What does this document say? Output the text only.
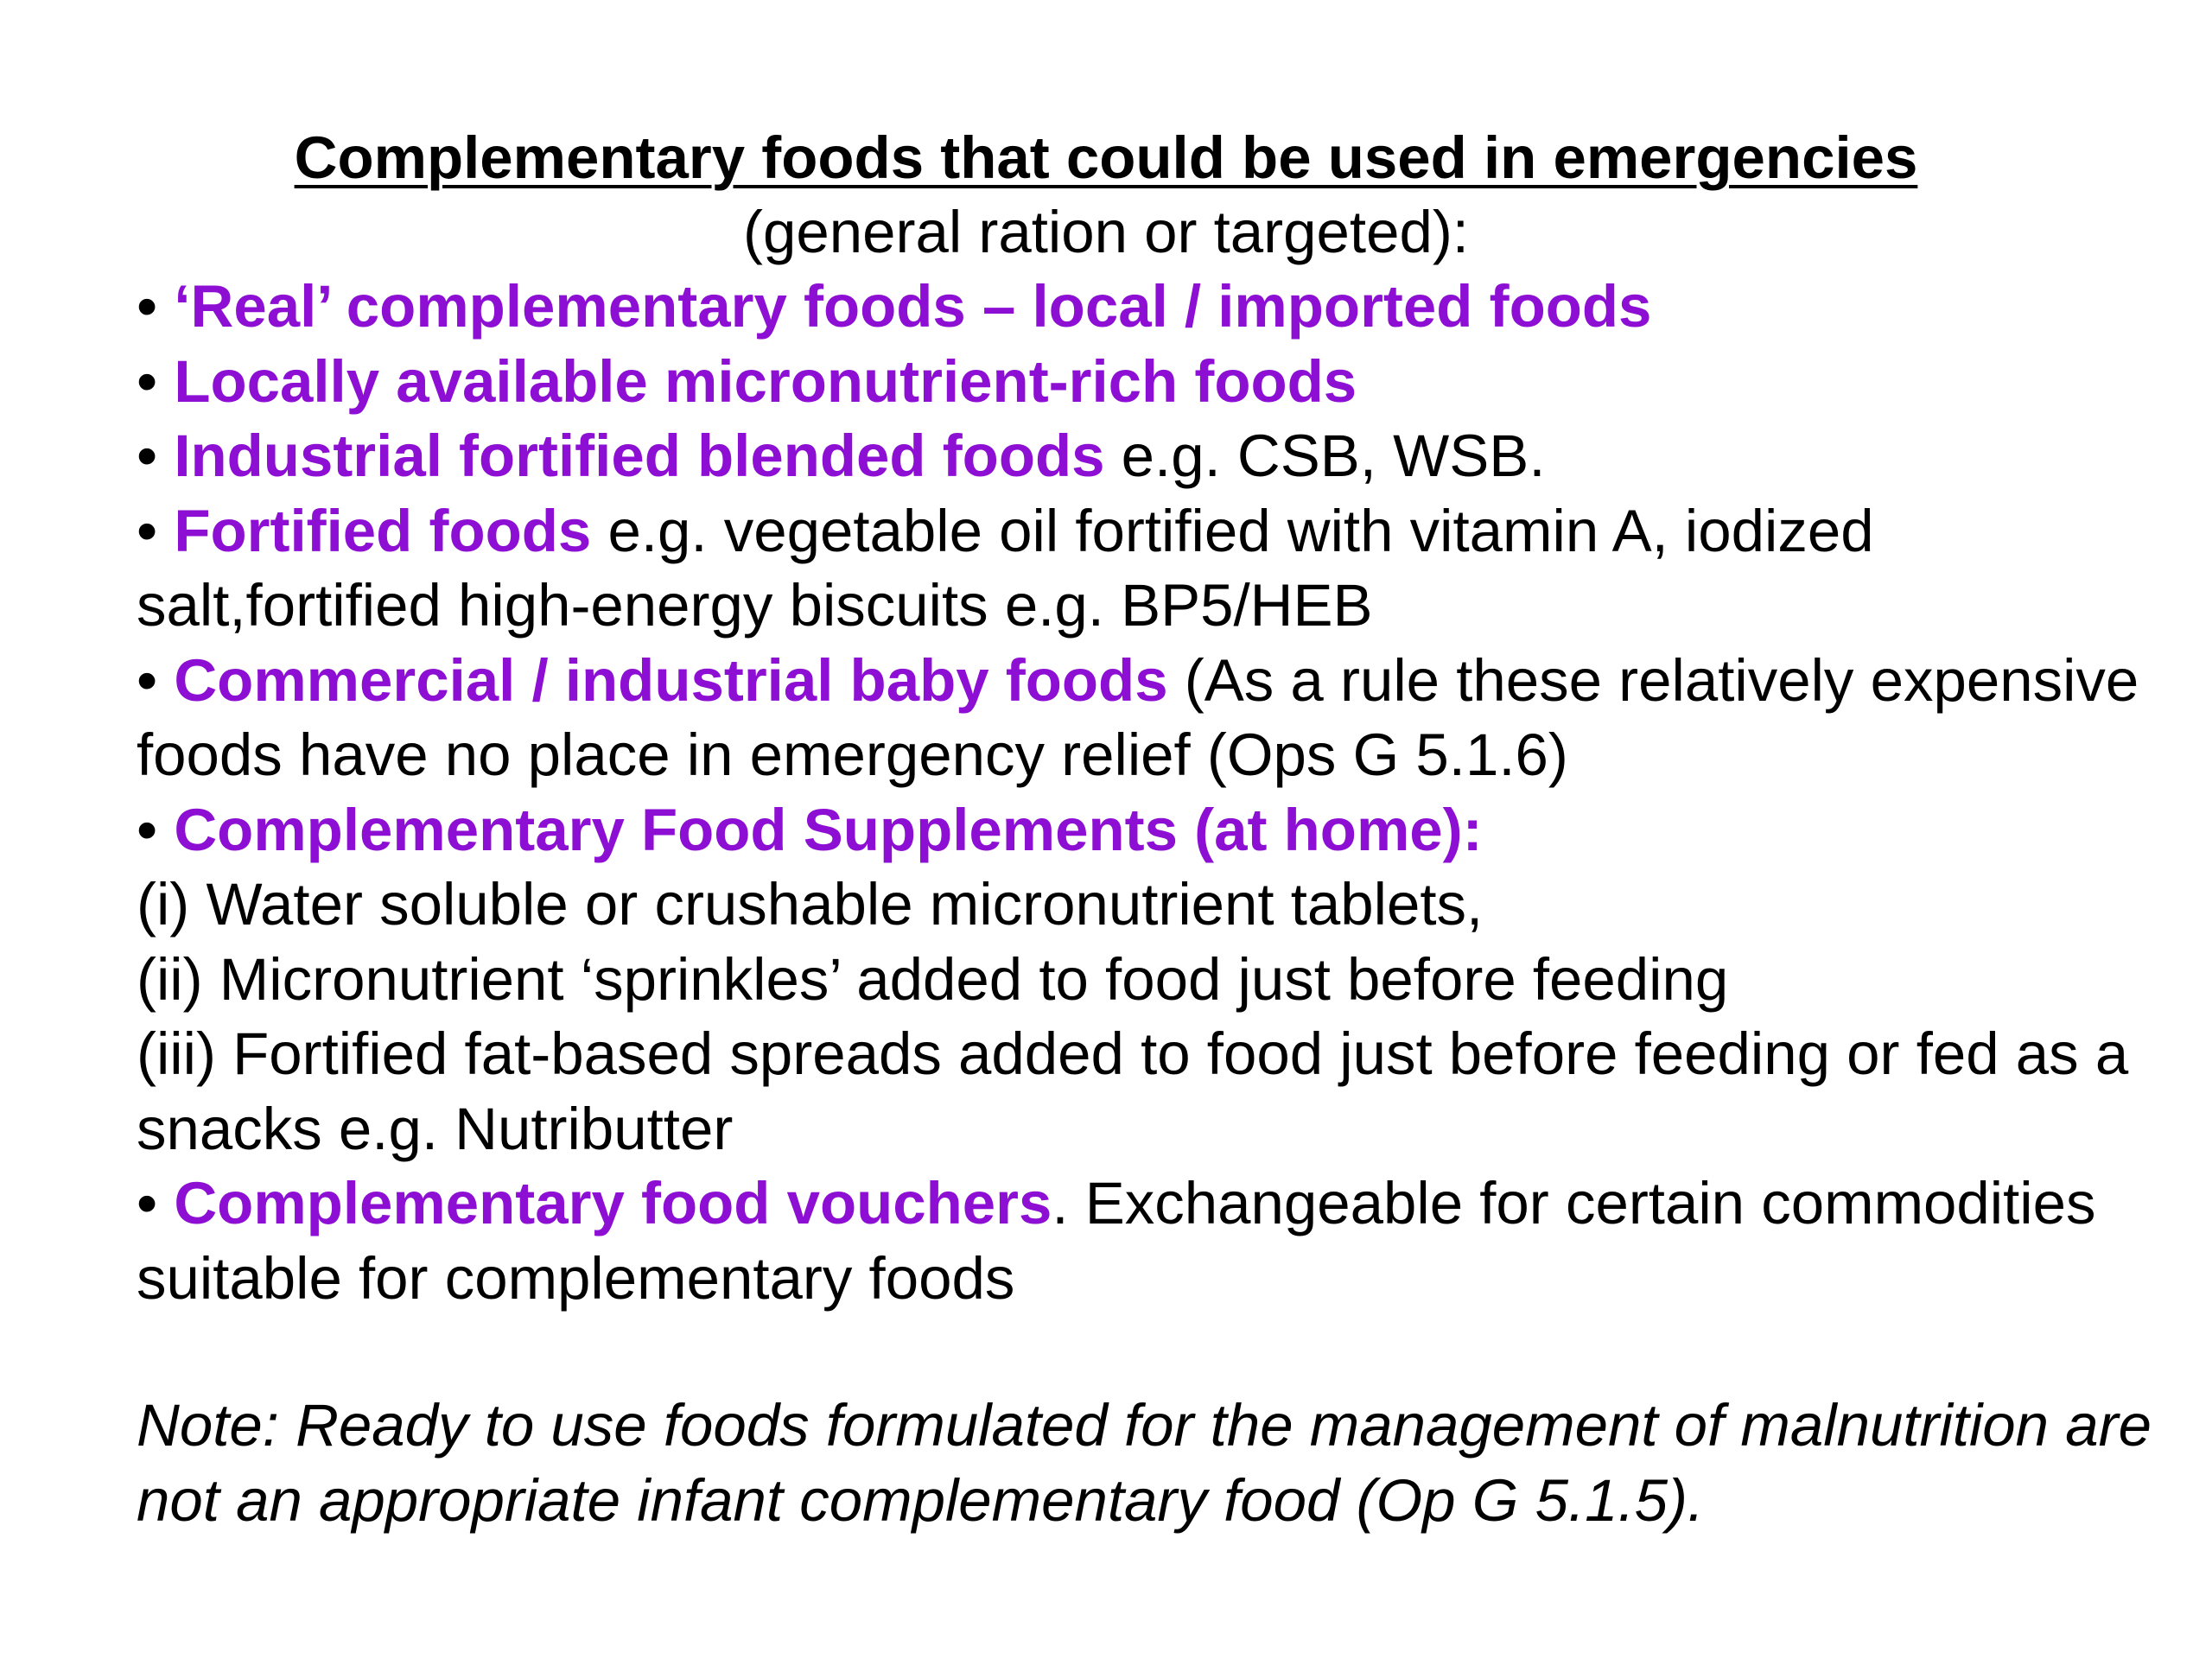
Complementary foods that could be used in emergencies

(general ration or targeted):

• ‘Real’ complementary foods – local / imported foods

• Locally available micronutrient-rich foods

• Industrial fortified blended foods e.g. CSB, WSB.

• Fortified foods e.g. vegetable oil fortified with vitamin A, iodized salt,fortified high-energy biscuits e.g. BP5/HEB

• Commercial / industrial baby foods (As a rule these relatively expensive foods have no place in emergency relief (Ops G 5.1.6)

• Complementary Food Supplements (at home):

(i) Water soluble or crushable micronutrient tablets,

(ii) Micronutrient ‘sprinkles’ added to food just before feeding

(iii) Fortified fat-based spreads added to food just before feeding or fed as a snacks e.g. Nutributter

• Complementary food vouchers. Exchangeable for certain commodities suitable for complementary foods

Note: Ready to use foods formulated for the management of malnutrition are not an appropriate infant complementary food (Op G 5.1.5).
